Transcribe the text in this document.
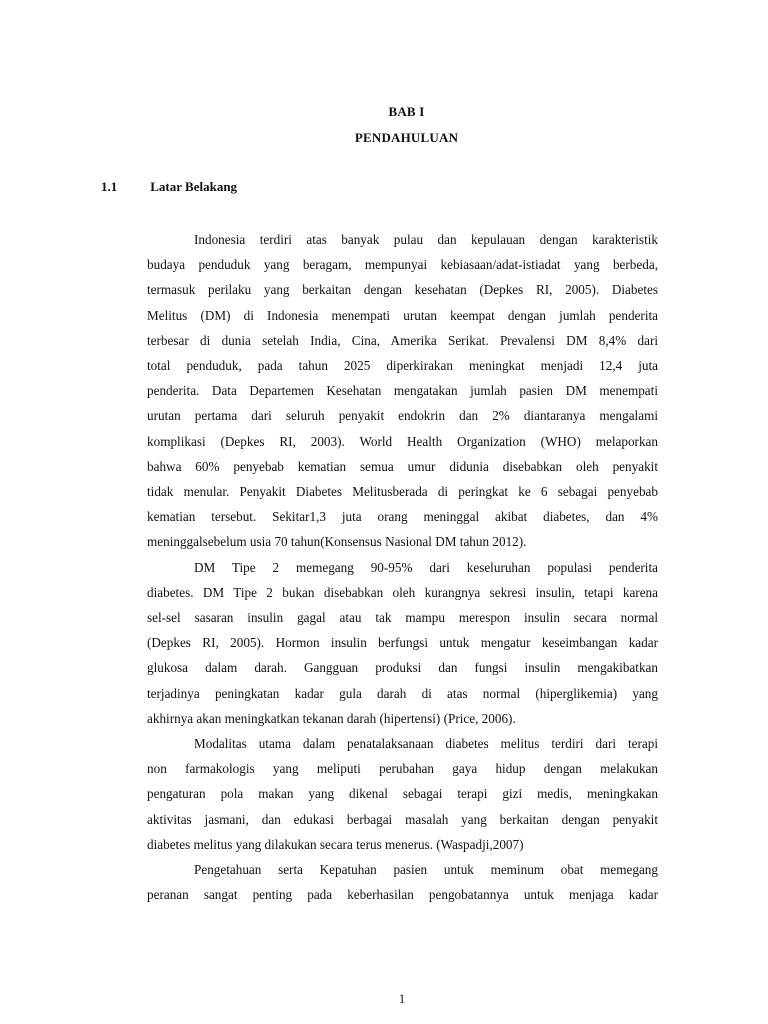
BAB I
PENDAHULUAN
1.1	Latar Belakang
Indonesia terdiri atas banyak pulau dan kepulauan dengan karakteristik
budaya penduduk yang beragam, mempunyai kebiasaan/adat-istiadat yang berbeda,
termasuk perilaku yang berkaitan dengan kesehatan (Depkes RI, 2005). Diabetes
Melitus (DM) di Indonesia menempati urutan keempat dengan jumlah penderita
terbesar di dunia setelah India, Cina, Amerika Serikat. Prevalensi DM 8,4% dari
total penduduk, pada tahun 2025 diperkirakan meningkat menjadi 12,4 juta
penderita. Data Departemen Kesehatan mengatakan jumlah pasien DM menempati
urutan pertama dari seluruh penyakit endokrin dan 2% diantaranya mengalami
komplikasi (Depkes RI, 2003). World Health Organization (WHO) melaporkan
bahwa 60% penyebab kematian semua umur didunia disebabkan oleh penyakit
tidak menular. Penyakit Diabetes Melitusberada di peringkat ke 6 sebagai penyebab
kematian tersebut. Sekitar1,3 juta orang meninggal akibat diabetes, dan 4%
meninggalsebelum usia 70 tahun(Konsensus Nasional DM tahun 2012).
DM Tipe 2 memegang 90-95% dari keseluruhan populasi penderita
diabetes. DM Tipe 2 bukan disebabkan oleh kurangnya sekresi insulin, tetapi karena
sel-sel sasaran insulin gagal atau tak mampu merespon insulin secara normal
(Depkes RI, 2005). Hormon insulin berfungsi untuk mengatur keseimbangan kadar
glukosa dalam darah. Gangguan produksi dan fungsi insulin mengakibatkan
terjadinya peningkatan kadar gula darah di atas normal (hiperglikemia) yang
akhirnya akan meningkatkan tekanan darah (hipertensi) (Price, 2006).
Modalitas utama dalam penatalaksanaan diabetes melitus terdiri dari terapi
non farmakologis yang meliputi perubahan gaya hidup dengan melakukan
pengaturan pola makan yang dikenal sebagai terapi gizi medis, meningkakan
aktivitas jasmani, dan edukasi berbagai masalah yang berkaitan dengan penyakit
diabetes melitus yang dilakukan secara terus menerus. (Waspadji,2007)
Pengetahuan serta Kepatuhan pasien untuk meminum obat memegang
peranan sangat penting pada keberhasilan pengobatannya untuk menjaga kadar
1
